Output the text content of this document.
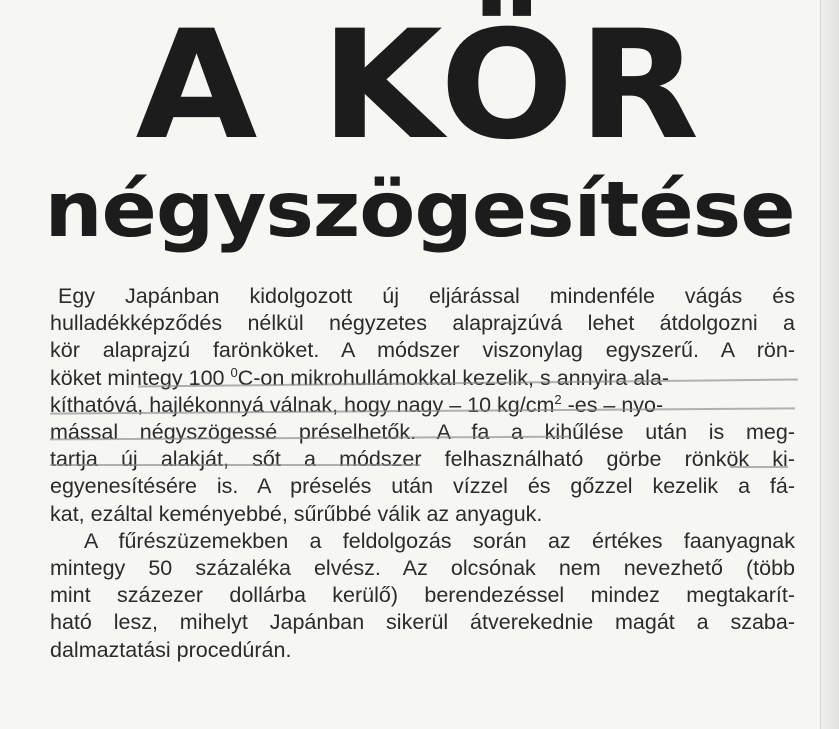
A KÖR
négyszögesítése
Egy Japánban kidolgozott új eljárással mindenféle vágás és
hulladékképződés nélkül négyzetes alaprajzúvá lehet átdolgozni a
kör alaprajzú farönköket. A módszer viszonylag egyszerű. A rön-
köket mintegy 100 $^0$C-on mikrohullámokkal kezelik, s annyira ala-
kíthatóvá, hajlékonnyá válnak, hogy nagy – 10 $kg/cm^2$ -es – nyo-
mással négyszögessé préselhetők. A fa a kihűlése után is meg-
tartja új alakját, sőt a módszer felhasználható görbe rönkök ki-
egyenesítésére is. A préselés után vízzel és gőzzel kezelik a fá-
kat, ezáltal keményebbé, sűrűbbé válik az anyaguk.
A fűrészüzemekben a feldolgozás során az értékes faanyagnak
mintegy 50 százaléka elvész. Az olcsónak nem nevezhető (több
mint százezer dollárba kerülő) berendezéssel mindez megtakarít-
ható lesz, mihelyt Japánban sikerül átverekednie magát a szaba-
dalmaztatási procedúrán.
